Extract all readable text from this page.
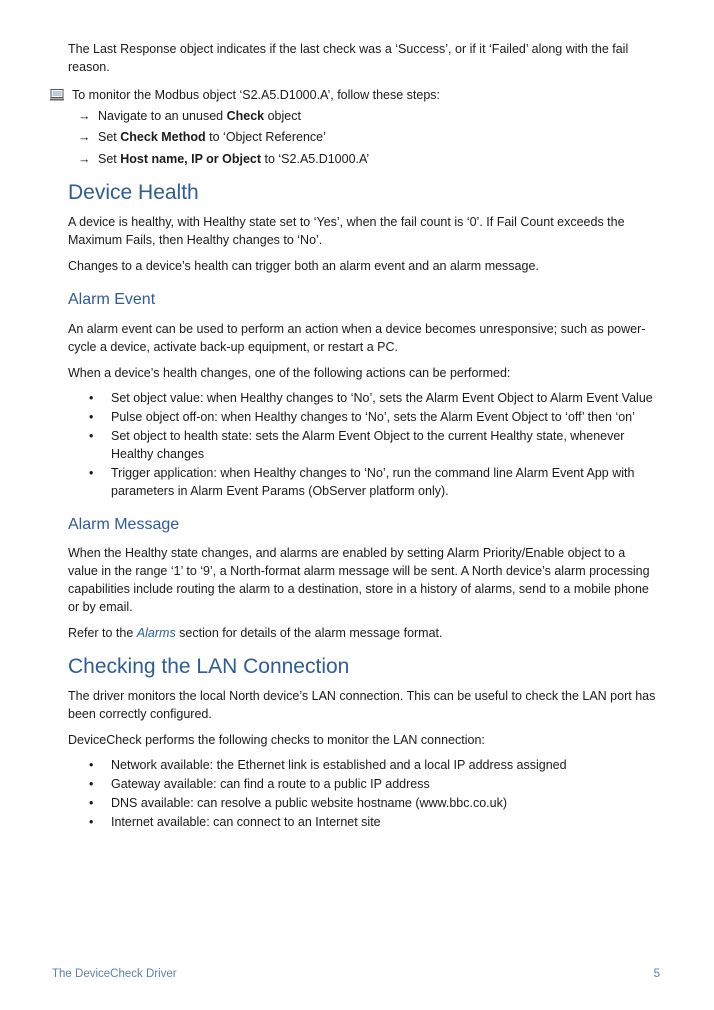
The Last Response object indicates if the last check was a ‘Success’, or if it ‘Failed’ along with the fail reason.

To monitor the Modbus object ‘S2.A5.D1000.A’, follow these steps:

→ Navigate to an unused Check object
→ Set Check Method to ‘Object Reference’
→ Set Host name, IP or Object to ‘S2.A5.D1000.A’
Device Health

A device is healthy, with Healthy state set to ‘Yes’, when the fail count is ‘0’. If Fail Count exceeds the Maximum Fails, then Healthy changes to ‘No’.

Changes to a device’s health can trigger both an alarm event and an alarm message.

Alarm Event

An alarm event can be used to perform an action when a device becomes unresponsive; such as power-cycle a device, activate back-up equipment, or restart a PC.

When a device’s health changes, one of the following actions can be performed:

• Set object value: when Healthy changes to ‘No’, sets the Alarm Event Object to Alarm Event Value
• Pulse object off-on: when Healthy changes to ‘No’, sets the Alarm Event Object to ‘off’ then ‘on’
• Set object to health state: sets the Alarm Event Object to the current Healthy state, whenever Healthy changes
• Trigger application: when Healthy changes to ‘No’, run the command line Alarm Event App with parameters in Alarm Event Params (ObServer platform only).
Alarm Message

When the Healthy state changes, and alarms are enabled by setting Alarm Priority/Enable object to a value in the range ‘1’ to ‘9’, a North-format alarm message will be sent. A North device’s alarm processing capabilities include routing the alarm to a destination, store in a history of alarms, send to a mobile phone or by email.

Refer to the Alarms section for details of the alarm message format.

Checking the LAN Connection

The driver monitors the local North device’s LAN connection. This can be useful to check the LAN port has been correctly configured.

DeviceCheck performs the following checks to monitor the LAN connection:

• Network available: the Ethernet link is established and a local IP address assigned
• Gateway available: can find a route to a public IP address
• DNS available: can resolve a public website hostname (www.bbc.co.uk)
• Internet available: can connect to an Internet site
The DeviceCheck Driver	5
